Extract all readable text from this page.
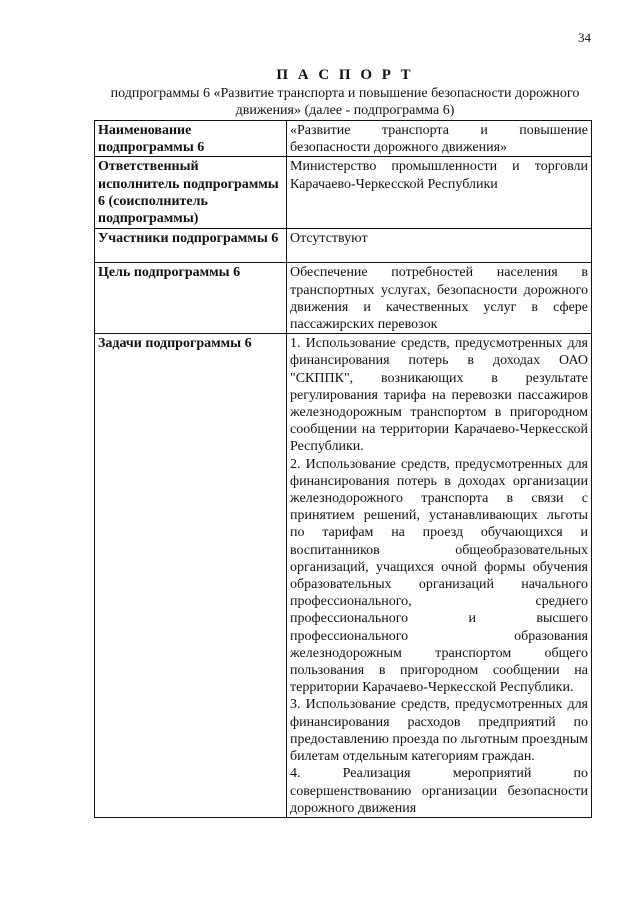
34
П А С П О Р Т
подпрограммы 6 «Развитие транспорта и повышение безопасности дорожного движения» (далее - подпрограмма 6)
Наименование подпрограммы 6	«Развитие транспорта и повышение безопасности дорожного движения»
Ответственный исполнитель подпрограммы 6 (соисполнитель подпрограммы)	Министерство промышленности и торговли Карачаево-Черкесской Республики
Участники подпрограммы 6	Отсутствуют
Цель подпрограммы 6	Обеспечение потребностей населения в транспортных услугах, безопасности дорожного движения и качественных услуг в сфере пассажирских перевозок
Задачи подпрограммы 6	1. Использование средств, предусмотренных для финансирования потерь в доходах ОАО "СКППК", возникающих в результате регулирования тарифа на перевозки пассажиров железнодорожным транспортом в пригородном сообщении на территории Карачаево-Черкесской Республики.
2. Использование средств, предусмотренных для финансирования потерь в доходах организации железнодорожного транспорта в связи с принятием решений, устанавливающих льготы по тарифам на проезд обучающихся и воспитанников общеобразовательных организаций, учащихся очной формы обучения образовательных организаций начального профессионального, среднего профессионального и высшего профессионального образования железнодорожным транспортом общего пользования в пригородном сообщении на территории Карачаево-Черкесской Республики.
3. Использование средств, предусмотренных для финансирования расходов предприятий по предоставлению проезда по льготным проездным билетам отдельным категориям граждан.
4. Реализация мероприятий по совершенствованию организации безопасности дорожного движения
